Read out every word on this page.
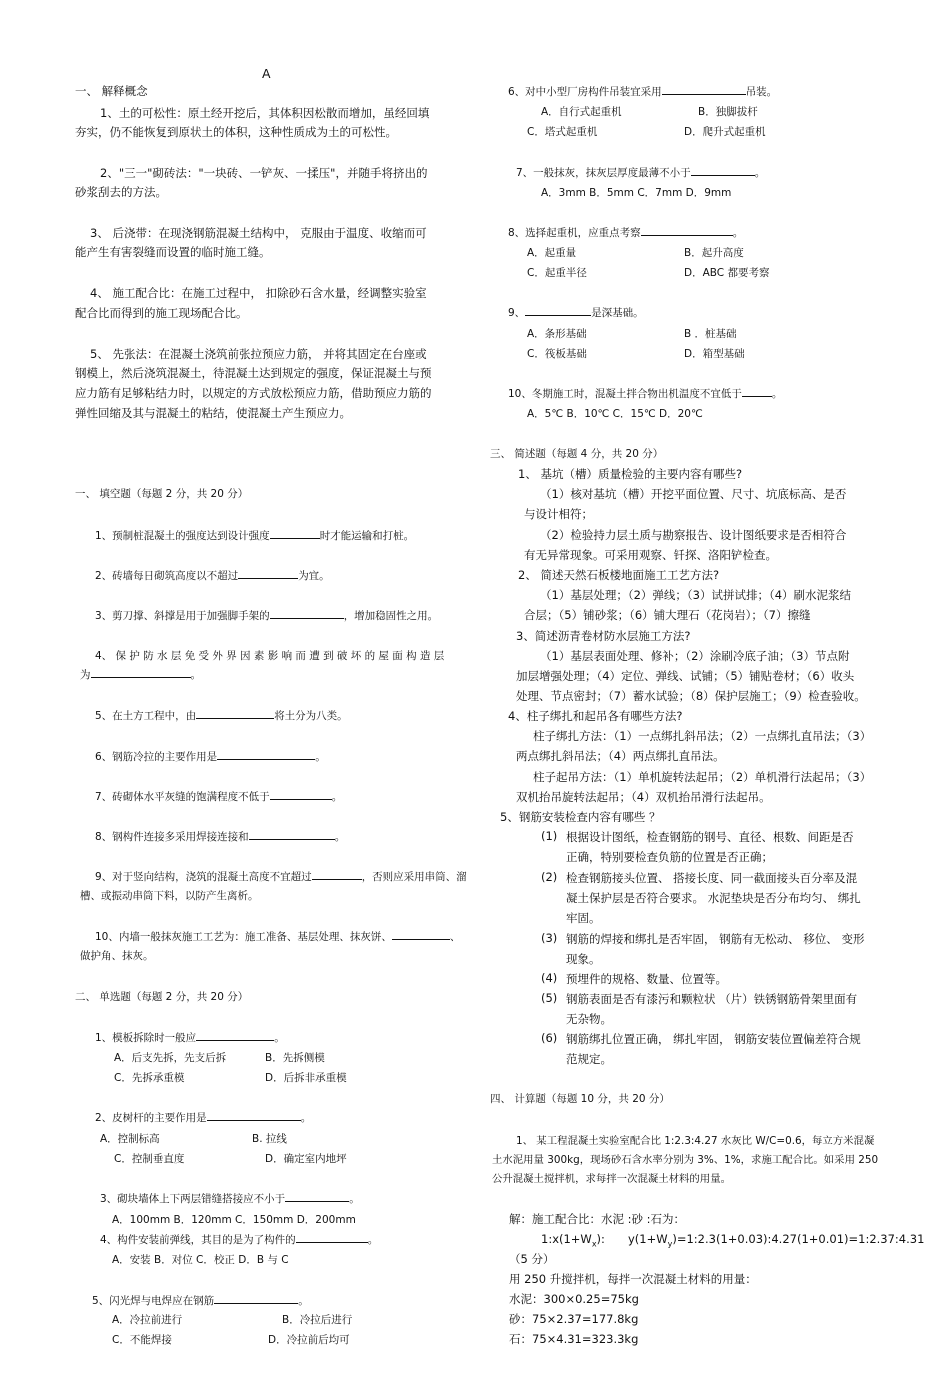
A
一、 解释概念
1、土的可松性：原土经开挖后，其体积因松散而增加，虽经回填
夯实，仍不能恢复到原状土的体积，这种性质成为土的可松性。
2、"三一"砌砖法："一块砖、一铲灰、一揉压"，并随手将挤出的
砂浆刮去的方法。
3、 后浇带：在现浇钢筋混凝土结构中， 克服由于温度、收缩而可
能产生有害裂缝而设置的临时施工缝。
4、 施工配合比：在施工过程中， 扣除砂石含水量，经调整实验室
配合比而得到的施工现场配合比。
5、 先张法：在混凝土浇筑前张拉预应力筋， 并将其固定在台座或
钢模上，然后浇筑混凝土，待混凝土达到规定的强度，保证混凝土与预
应力筋有足够粘结力时，以规定的方式放松预应力筋，借助预应力筋的
弹性回缩及其与混凝土的粘结，使混凝土产生预应力。
一、 填空题（每题 2 分，共 20 分）
1、预制桩混凝土的强度达到设计强度	时才能运输和打桩。
2、砖墙每日砌筑高度以不超过	为宜。
3、剪刀撑、斜撑是用于加强脚手架的	，增加稳固性之用。
4、 保 护 防 水 层 免 受 外 界 因 素 影 响 而 遭 到 破 坏 的 屋 面 构 造 层
为	。
5、在土方工程中，由	将土分为八类。
6、钢筋冷拉的主要作用是	。
7、砖砌体水平灰缝的饱满程度不低于	。
8、钢构件连接多采用焊接连接和	。
9、对于竖向结构，浇筑的混凝土高度不宜超过	，否则应采用串筒、溜
槽、或振动串筒下料，以防产生离析。
10、内墙一般抹灰施工工艺为：施工准备、基层处理、抹灰饼、	、
做护角、抹灰。
二、 单选题（每题 2 分，共 20 分）
1、模板拆除时一般应	。
A．后支先拆，先支后拆	B．先拆侧模
C．先拆承重模	D．后拆非承重模
2、皮树杆的主要作用是	。
A．控制标高	B. 拉线
C．控制垂直度	D．确定室内地坪
3、砌块墙体上下两层错缝搭接应不小于	。
A．100mm B．120mm C．150mm D．200mm
4、构件安装前弹线，其目的是为了构件的	。
A．安装 B．对位 C．校正 D．B 与 C
5、闪光焊与电焊应在钢筋	。
A．冷拉前进行	B．冷拉后进行
C．不能焊接	D．冷拉前后均可
6、对中小型厂房构件吊装宜采用	吊装。
A．自行式起重机	B．独脚拔杆
C．塔式起重机	D．爬升式起重机
7、一般抹灰，抹灰层厚度最薄不小于	。
A．3mm B．5mm C．7mm D．9mm
8、选择起重机，应重点考察	。
A．起重量	B．起升高度
C．起重半径	D．ABC 都要考察
9、	是深基础。
A．条形基础	B ．桩基础
C．筏板基础	D．箱型基础
10、冬期施工时，混凝土拌合物出机温度不宜低于	。
A．5℃ B．10℃ C．15℃ D．20℃
三、 简述题（每题 4 分，共 20 分）
1、 基坑（槽）质量检验的主要内容有哪些?
（1）核对基坑（槽）开挖平面位置、尺寸、坑底标高、是否
与设计相符；
（2）检验持力层土质与勘察报告、设计图纸要求是否相符合
有无异常现象。可采用观察、钎探、洛阳铲检查。
2、 简述天然石板楼地面施工工艺方法?
（1）基层处理；（2）弹线；（3）试拼试排；（4）刷水泥浆结
合层；（5）铺砂浆；（6）铺大理石（花岗岩）；（7）擦缝
3、简述沥青卷材防水层施工方法?
（1）基层表面处理、修补；（2）涂刷冷底子油；（3）节点附
加层增强处理；（4）定位、弹线、试铺；（5）铺贴卷材；（6）收头
处理、节点密封；（7）蓄水试验；（8）保护层施工；（9）检查验收。
4、柱子绑扎和起吊各有哪些方法?
柱子绑扎方法：（1）一点绑扎斜吊法；（2）一点绑扎直吊法；（3）
两点绑扎斜吊法；（4）两点绑扎直吊法。
柱子起吊方法：（1）单机旋转法起吊；（2）单机滑行法起吊；（3）
双机抬吊旋转法起吊；（4）双机抬吊滑行法起吊。
5、钢筋安装检查内容有哪些 ？
(1) 根据设计图纸，检查钢筋的钢号、直径、根数、间距是否
正确，特别要检查负筋的位置是否正确；
(2) 检查钢筋接头位置、 搭接长度、同一截面接头百分率及混
凝土保护层是否符合要求。 水泥垫块是否分布均匀、 绑扎
牢固。
(3) 钢筋的焊接和绑扎是否牢固， 钢筋有无松动、 移位、 变形
现象。
(4) 预埋件的规格、数量、位置等。
(5) 钢筋表面是否有漆污和颗粒状 （片）铁锈钢筋骨架里面有
无杂物。
(6) 钢筋绑扎位置正确， 绑扎牢固， 钢筋安装位置偏差符合规
范规定。
四、 计算题（每题 10 分，共 20 分）
1、 某工程混凝土实验室配合比 1:2.3:4.27 水灰比 W/C=0.6，每立方米混凝
土水泥用量 300kg，现场砂石含水率分别为 3%、1%，求施工配合比。如采用 250
公升混凝土搅拌机，求每拌一次混凝土材料的用量。
解：施工配合比：水泥 :砂 :石为：
$1:x(1+W_x)$: $y(1+W_y)=1:2.3(1+0.03):4.27(1+0.01)=1:2.37:4.31$
（5 分）
用 250 升搅拌机，每拌一次混凝土材料的用量：
水泥：300×0.25=75kg
砂：75×2.37=177.8kg
石：75×4.31=323.3kg
